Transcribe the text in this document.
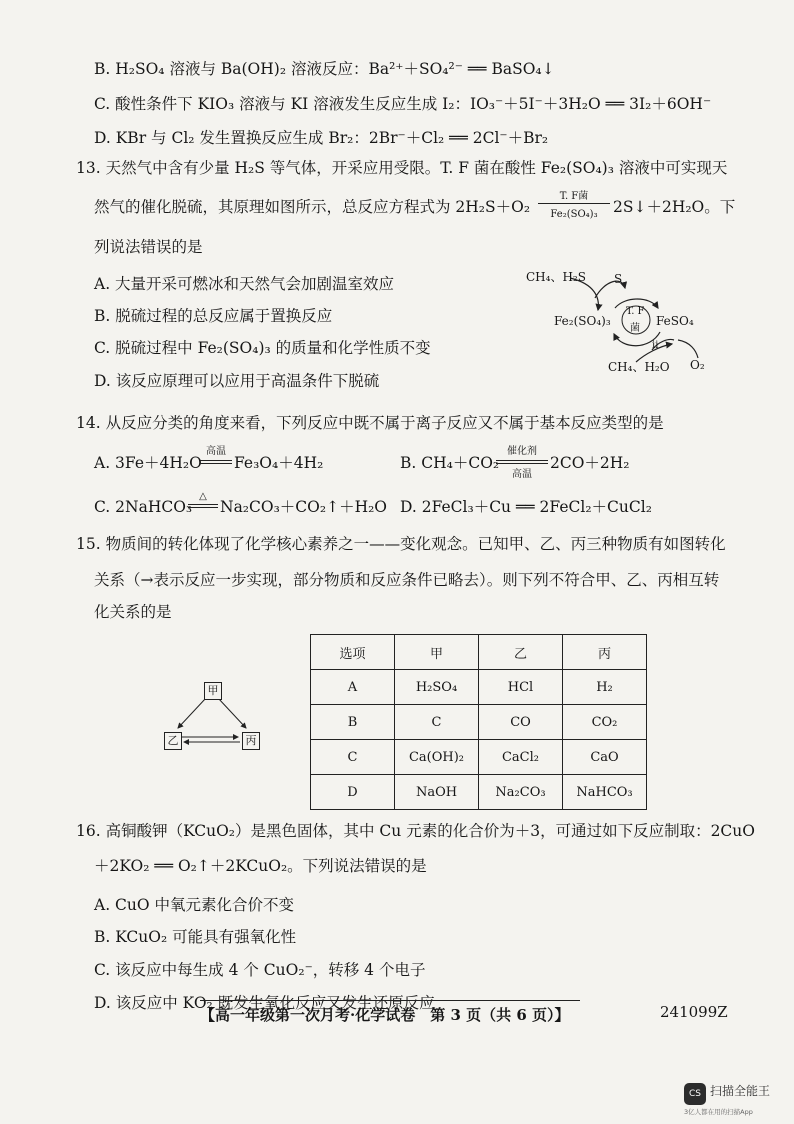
B. H₂SO₄ 溶液与 Ba(OH)₂ 溶液反应：Ba²⁺＋SO₄²⁻ ══ BaSO₄↓
C. 酸性条件下 KIO₃ 溶液与 KI 溶液发生反应生成 I₂：IO₃⁻＋5I⁻＋3H₂O ══ 3I₂＋6OH⁻
D. KBr 与 Cl₂ 发生置换反应生成 Br₂：2Br⁻＋Cl₂ ══ 2Cl⁻＋Br₂
13. 天然气中含有少量 H₂S 等气体，开采应用受限。T. F 菌在酸性 Fe₂(SO₄)₃ 溶液中可实现天
然气的催化脱硫，其原理如图所示，总反应方程式为 2H₂S＋O₂
T. F菌
Fe₂(SO₄)₃ 2S↓＋2H₂O。下
列说法错误的是
A. 大量开采可燃冰和天然气会加剧温室效应
B. 脱硫过程的总反应属于置换反应
C. 脱硫过程中 Fe₂(SO₄)₃ 的质量和化学性质不变
D. 该反应原理可以应用于高温条件下脱硫
CH₄、H₂S S
Fe₂(SO₄)₃
T. F
菌
FeSO₄
ii
CH₄、H₂O O₂
14. 从反应分类的角度来看，下列反应中既不属于离子反应又不属于基本反应类型的是
A. 3Fe＋4H₂O
高温
Fe₃O₄＋4H₂	B. CH₄＋CO₂
催化剂
高温
2CO＋2H₂
C. 2NaHCO₃
△
Na₂CO₃＋CO₂↑＋H₂O D. 2FeCl₃＋Cu ══ 2FeCl₂＋CuCl₂
15. 物质间的转化体现了化学核心素养之一——变化观念。已知甲、乙、丙三种物质有如图转化
关系（→表示反应一步实现，部分物质和反应条件已略去）。则下列不符合甲、乙、丙相互转
化关系的是
甲
乙	丙
选项	甲	乙	丙
A	H₂SO₄	HCl	H₂
B	C	CO	CO₂
C	Ca(OH)₂	CaCl₂	CaO
D	NaOH	Na₂CO₃	NaHCO₃
16. 高铜酸钾（KCuO₂）是黑色固体，其中 Cu 元素的化合价为＋3，可通过如下反应制取：2CuO
＋2KO₂ ══ O₂↑＋2KCuO₂。下列说法错误的是
A. CuO 中氧元素化合价不变
B. KCuO₂ 可能具有强氧化性
C. 该反应中每生成 4 个 CuO₂⁻，转移 4 个电子
D. 该反应中 KO₂ 既发生氧化反应又发生还原反应
【高一年级第一次月考·化学试卷　第 3 页（共 6 页）】	241099Z
CS 扫描全能王
3亿人都在用的扫描App
